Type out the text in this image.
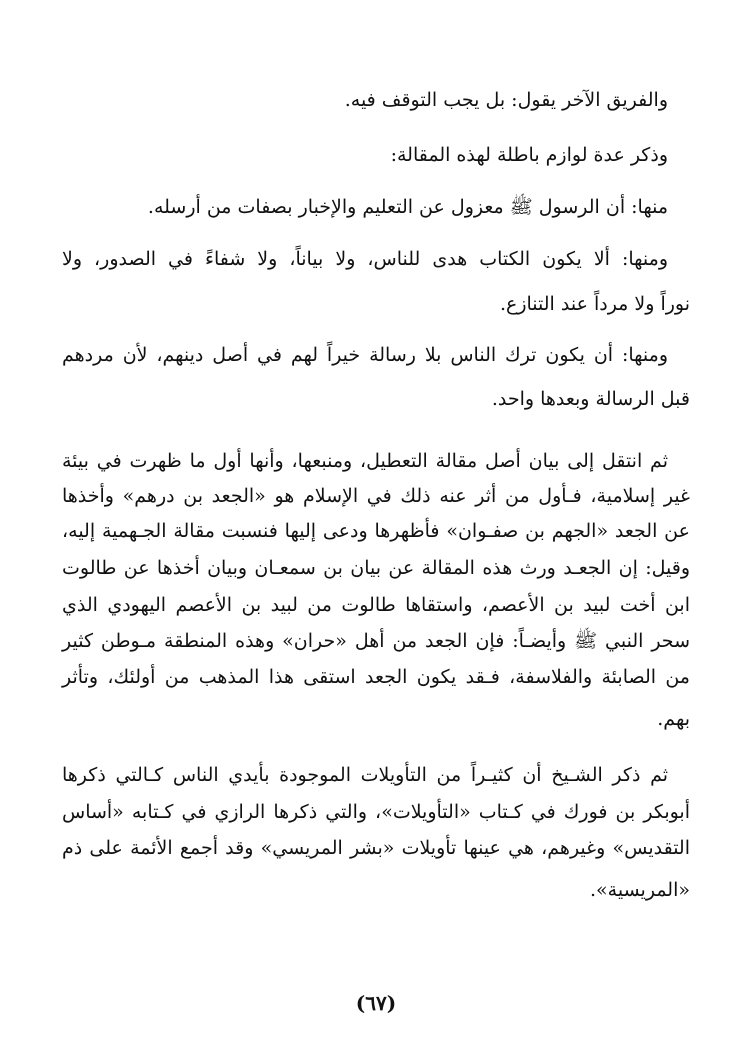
والفريق الآخر يقول: بل يجب التوقف فيه.
وذكر عدة لوازم باطلة لهذه المقالة:
منها: أن الرسول ﷺ معزول عن التعليم والإخبار بصفات من أرسله.
ومنها: ألا يكون الكتاب هدى للناس، ولا بياناً، ولا شفاءً في الصدور، ولا
نوراً ولا مرداً عند التنازع.
ومنها: أن يكون ترك الناس بلا رسالة خيراً لهم في أصل دينهم، لأن مردهم
قبل الرسالة وبعدها واحد.
ثم انتقل إلى بيان أصل مقالة التعطيل، ومنبعها، وأنها أول ما ظهرت في بيئة
غير إسلامية، فـأول من أثر عنه ذلك في الإسلام هو «الجعد بن درهم» وأخذها
عن الجعد «الجهم بن صفـوان» فأظهرها ودعى إليها فنسبت مقالة الجـهمية إليه،
وقيل: إن الجعـد ورث هذه المقالة عن بيان بن سمعـان وبيان أخذها عن طالوت
ابن أخت لبيد بن الأعصم، واستقاها طالوت من لبيد بن الأعصم اليهودي الذي
سحر النبي ﷺ وأيضـاً: فإن الجعد من أهل «حران» وهذه المنطقة مـوطن كثير
من الصابئة والفلاسفة، فـقد يكون الجعد استقى هذا المذهب من أولئك، وتأثر
بهم.
ثم ذكر الشـيخ أن كثيـراً من التأويلات الموجودة بأيدي الناس كـالتي ذكرها
أبوبكر بن فورك في كـتاب «التأويلات»، والتي ذكرها الرازي في كـتابه «أساس
التقديس» وغيرهم، هي عينها تأويلات «بشر المريسي» وقد أجمع الأئمة على ذم
«المريسية».
(٦٧)
